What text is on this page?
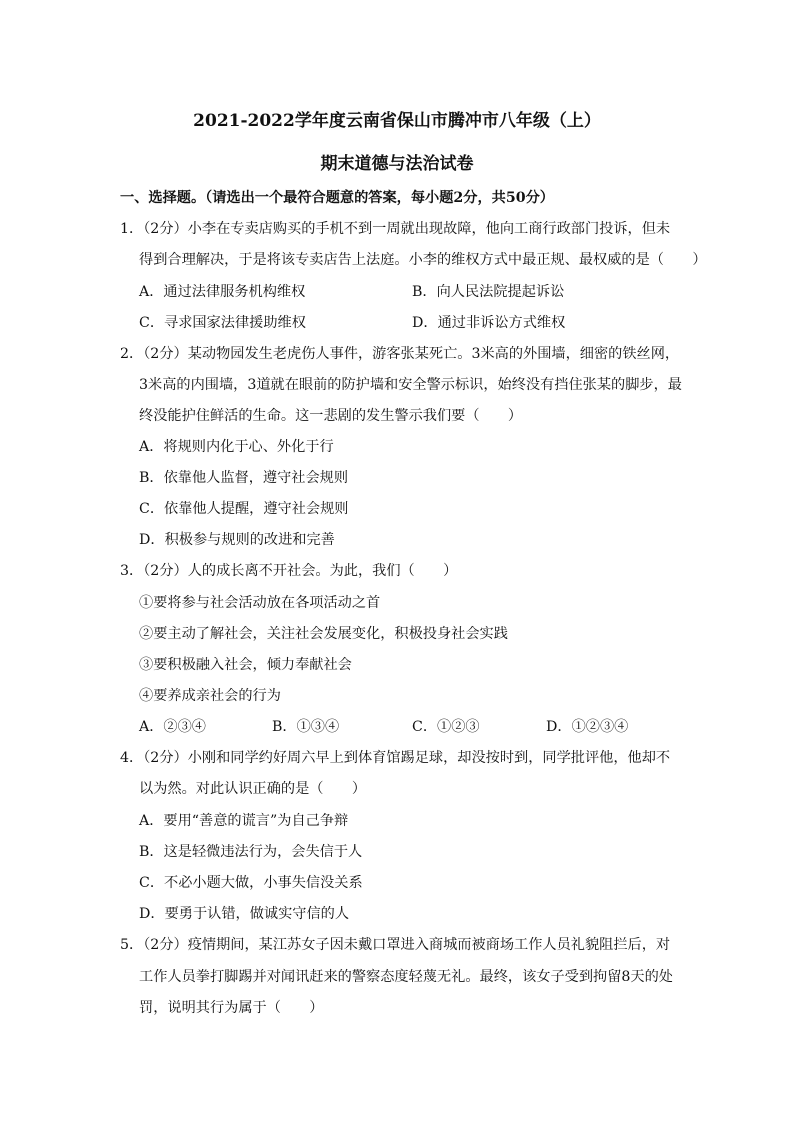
2021-2022学年度云南省保山市腾冲市八年级（上）
期末道德与法治试卷
一、选择题。（请选出一个最符合题意的答案，每小题2分，共50分）
1．（2分）小李在专卖店购买的手机不到一周就出现故障，他向工商行政部门投诉，但未
得到合理解决，于是将该专卖店告上法庭。小李的维权方式中最正规、最权威的是（　　）
A．通过法律服务机构维权	B．向人民法院提起诉讼
C．寻求国家法律援助维权	D．通过非诉讼方式维权
2．（2分）某动物园发生老虎伤人事件，游客张某死亡。3米高的外围墙，细密的铁丝网，
3米高的内围墙，3道就在眼前的防护墙和安全警示标识，始终没有挡住张某的脚步，最
终没能护住鲜活的生命。这一悲剧的发生警示我们要（　　）
A．将规则内化于心、外化于行
B．依靠他人监督，遵守社会规则
C．依靠他人提醒，遵守社会规则
D．积极参与规则的改进和完善
3．（2分）人的成长离不开社会。为此，我们（　　）
①要将参与社会活动放在各项活动之首
②要主动了解社会，关注社会发展变化，积极投身社会实践
③要积极融入社会，倾力奉献社会
④要养成亲社会的行为
A．②③④	B．①③④	C．①②③	D．①②③④
4．（2分）小刚和同学约好周六早上到体育馆踢足球，却没按时到，同学批评他，他却不
以为然。对此认识正确的是（　　）
A．要用“善意的谎言”为自己争辩
B．这是轻微违法行为，会失信于人
C．不必小题大做，小事失信没关系
D．要勇于认错，做诚实守信的人
5．（2分）疫情期间，某江苏女子因未戴口罩进入商城而被商场工作人员礼貌阻拦后，对
工作人员拳打脚踢并对闻讯赶来的警察态度轻蔑无礼。最终，该女子受到拘留8天的处
罚，说明其行为属于（　　）
